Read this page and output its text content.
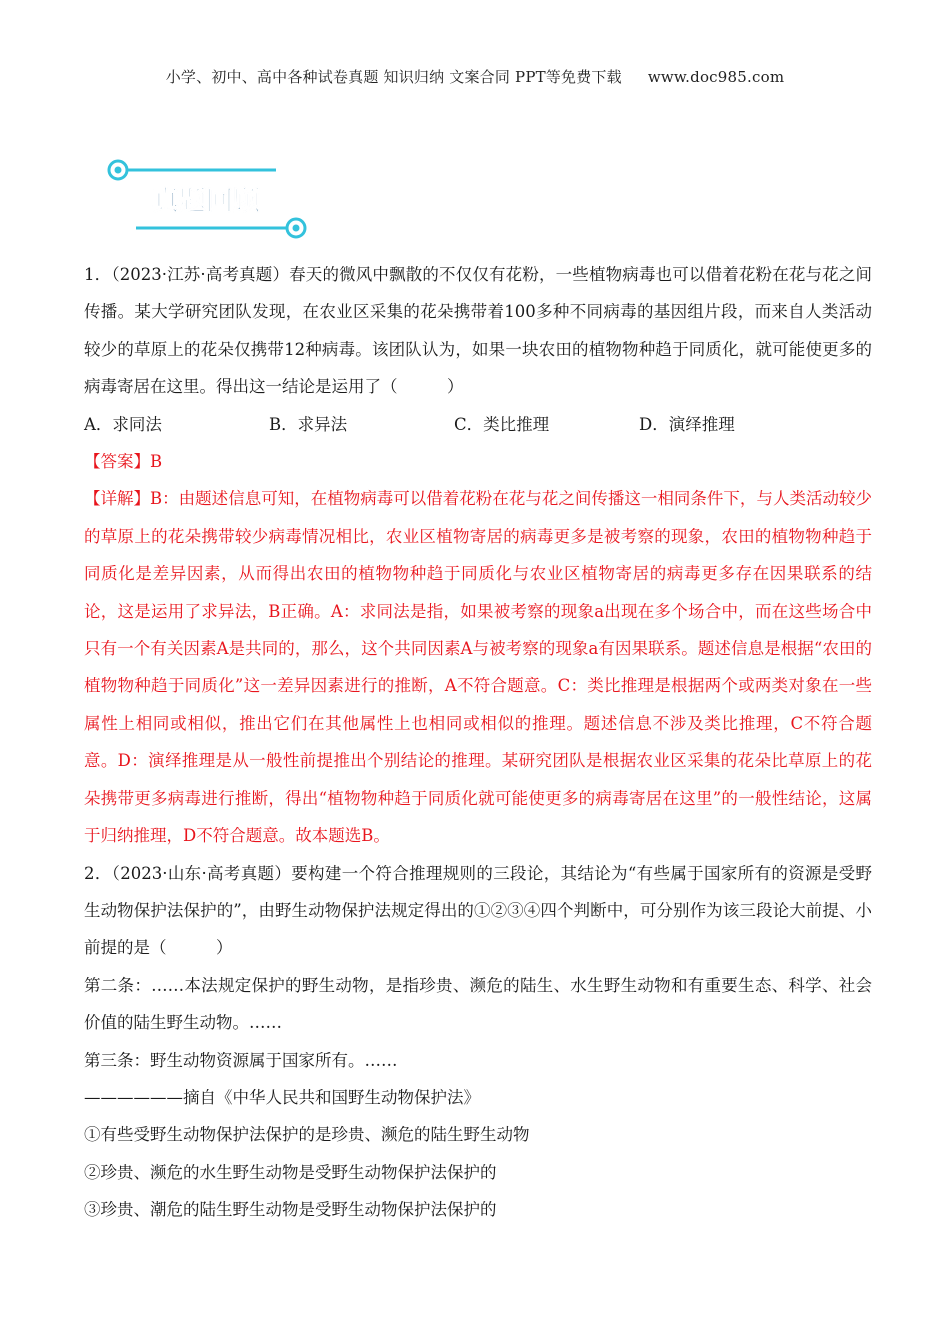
小学、初中、高中各种试卷真题 知识归纳 文案合同 PPT等免费下载 www.doc985.com
真题回顾

1．（2023·江苏·高考真题）春天的微风中飘散的不仅仅有花粉，一些植物病毒也可以借着花粉在花与花之间传播。某大学研究团队发现，在农业区采集的花朵携带着100多种不同病毒的基因组片段，而来自人类活动较少的草原上的花朵仅携带12种病毒。该团队认为，如果一块农田的植物物种趋于同质化，就可能使更多的病毒寄居在这里。得出这一结论是运用了（　　　）

A．求同法	B．求异法	C．类比推理	D．演绎推理

【答案】B

【详解】B：由题述信息可知，在植物病毒可以借着花粉在花与花之间传播这一相同条件下，与人类活动较少的草原上的花朵携带较少病毒情况相比，农业区植物寄居的病毒更多是被考察的现象，农田的植物物种趋于同质化是差异因素，从而得出农田的植物物种趋于同质化与农业区植物寄居的病毒更多存在因果联系的结论，这是运用了求异法，B正确。A：求同法是指，如果被考察的现象a出现在多个场合中，而在这些场合中只有一个有关因素A是共同的，那么，这个共同因素A与被考察的现象a有因果联系。题述信息是根据“农田的植物物种趋于同质化”这一差异因素进行的推断，A不符合题意。C：类比推理是根据两个或两类对象在一些属性上相同或相似，推出它们在其他属性上也相同或相似的推理。题述信息不涉及类比推理，C不符合题意。D：演绎推理是从一般性前提推出个别结论的推理。某研究团队是根据农业区采集的花朵比草原上的花朵携带更多病毒进行推断，得出“植物物种趋于同质化就可能使更多的病毒寄居在这里”的一般性结论，这属于归纳推理，D不符合题意。故本题选B。

2．（2023·山东·高考真题）要构建一个符合推理规则的三段论，其结论为“有些属于国家所有的资源是受野生动物保护法保护的”，由野生动物保护法规定得出的①②③④四个判断中，可分别作为该三段论大前提、小前提的是（　　　）

第二条：……本法规定保护的野生动物，是指珍贵、濒危的陆生、水生野生动物和有重要生态、科学、社会价值的陆生野生动物。……

第三条：野生动物资源属于国家所有。……

——————摘自《中华人民共和国野生动物保护法》

①有些受野生动物保护法保护的是珍贵、濒危的陆生野生动物

②珍贵、濒危的水生野生动物是受野生动物保护法保护的

③珍贵、潮危的陆生野生动物是受野生动物保护法保护的
